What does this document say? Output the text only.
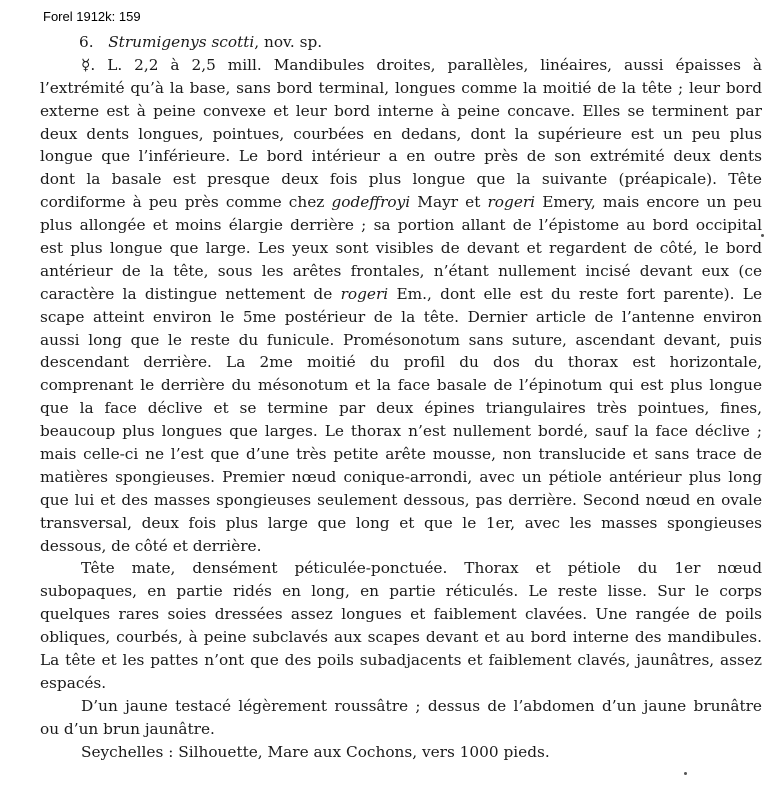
Forel 1912k: 159
6. Strumigenys scotti, nov. sp.
☿. L. 2,2 à 2,5 mill. Mandibules droites, parallèles, linéaires, aussi épaisses à
l’extrémité qu’à la base, sans bord terminal, longues comme la moitié de la tête ; leur bord
externe est à peine convexe et leur bord interne à peine concave. Elles se terminent par
deux dents longues, pointues, courbées en dedans, dont la supérieure est un peu plus
longue que l’inférieure. Le bord intérieur a en outre près de son extrémité deux dents
dont la basale est presque deux fois plus longue que la suivante (préapicale). Tête
cordiforme à peu près comme chez godeffroyi Mayr et rogeri Emery, mais encore un peu
plus allongée et moins élargie derrière ; sa portion allant de l’épistome au bord occipital
est plus longue que large. Les yeux sont visibles de devant et regardent de côté, le bord
antérieur de la tête, sous les arêtes frontales, n’étant nullement incisé devant eux (ce
caractère la distingue nettement de rogeri Em., dont elle est du reste fort parente). Le
scape atteint environ le 5me postérieur de la tête. Dernier article de l’antenne environ
aussi long que le reste du funicule. Promésonotum sans suture, ascendant devant, puis
descendant derrière. La 2me moitié du profil du dos du thorax est horizontale,
comprenant le derrière du mésonotum et la face basale de l’épinotum qui est plus longue
que la face déclive et se termine par deux épines triangulaires très pointues, fines,
beaucoup plus longues que larges. Le thorax n’est nullement bordé, sauf la face déclive ;
mais celle-ci ne l’est que d’une très petite arête mousse, non translucide et sans trace de
matières spongieuses. Premier nœud conique-arrondi, avec un pétiole antérieur plus long
que lui et des masses spongieuses seulement dessous, pas derrière. Second nœud en ovale
transversal, deux fois plus large que long et que le 1er, avec les masses spongieuses
dessous, de côté et derrière.
Tête mate, densément péticulée-ponctuée. Thorax et pétiole du 1er nœud
subopaques, en partie ridés en long, en partie réticulés. Le reste lisse. Sur le corps
quelques rares soies dressées assez longues et faiblement clavées. Une rangée de poils
obliques, courbés, à peine subclavés aux scapes devant et au bord interne des mandibules.
La tête et les pattes n’ont que des poils subadjacents et faiblement clavés, jaunâtres, assez
espacés.
D’un jaune testacé légèrement roussâtre ; dessus de l’abdomen d’un jaune brunâtre
ou d’un brun jaunâtre.
Seychelles : Silhouette, Mare aux Cochons, vers 1000 pieds.
